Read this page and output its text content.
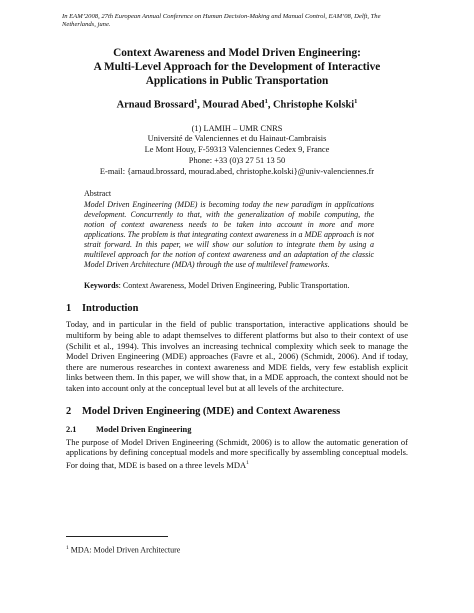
In EAM’2008, 27th European Annual Conference on Human Decision-Making and Manual Control, EAM’08, Delft, The Netherlands, june.
Context Awareness and Model Driven Engineering:
A Multi-Level Approach for the Development of Interactive
Applications in Public Transportation
Arnaud Brossard$^1$, Mourad Abed$^1$, Christophe Kolski$^1$
(1) LAMIH – UMR CNRS
Université de Valenciennes et du Hainaut-Cambraisis
Le Mont Houy, F-59313 Valenciennes Cedex 9, France
Phone: +33 (0)3 27 51 13 50
E-mail: {arnaud.brossard, mourad.abed, christophe.kolski}@univ-valenciennes.fr
Abstract
Model Driven Engineering (MDE) is becoming today the new paradigm in applications development. Concurrently to that, with the generalization of mobile computing, the notion of context awareness needs to be taken into account in more and more applications. The problem is that integrating context awareness in a MDE approach is not strait forward. In this paper, we will show our solution to integrate them by using a multilevel approach for the notion of context awareness and an adaptation of the classic Model Driven Architecture (MDA) through the use of multilevel frameworks.
Keywords: Context Awareness, Model Driven Engineering, Public Transportation.
1 Introduction

Today, and in particular in the field of public transportation, interactive applications should be multiform by being able to adapt themselves to different platforms but also to their context of use (Schilit et al., 1994). This involves an increasing technical complexity which seek to manage the Model Driven Engineering (MDE) approaches (Favre et al., 2006) (Schmidt, 2006). And if today, there are numerous researches in context awareness and MDE fields, very few establish explicit links between them. In this paper, we will show that, in a MDE approach, the context should not be taken into account only at the conceptual level but at all levels of the architecture.

2 Model Driven Engineering (MDE) and Context Awareness
2.1 Model Driven Engineering

The purpose of Model Driven Engineering (Schmidt, 2006) is to allow the automatic generation of applications by defining conceptual models and more specifically by assembling conceptual models. For doing that, MDE is based on a three levels MDA$^1$

$^1$ MDA: Model Driven Architecture
